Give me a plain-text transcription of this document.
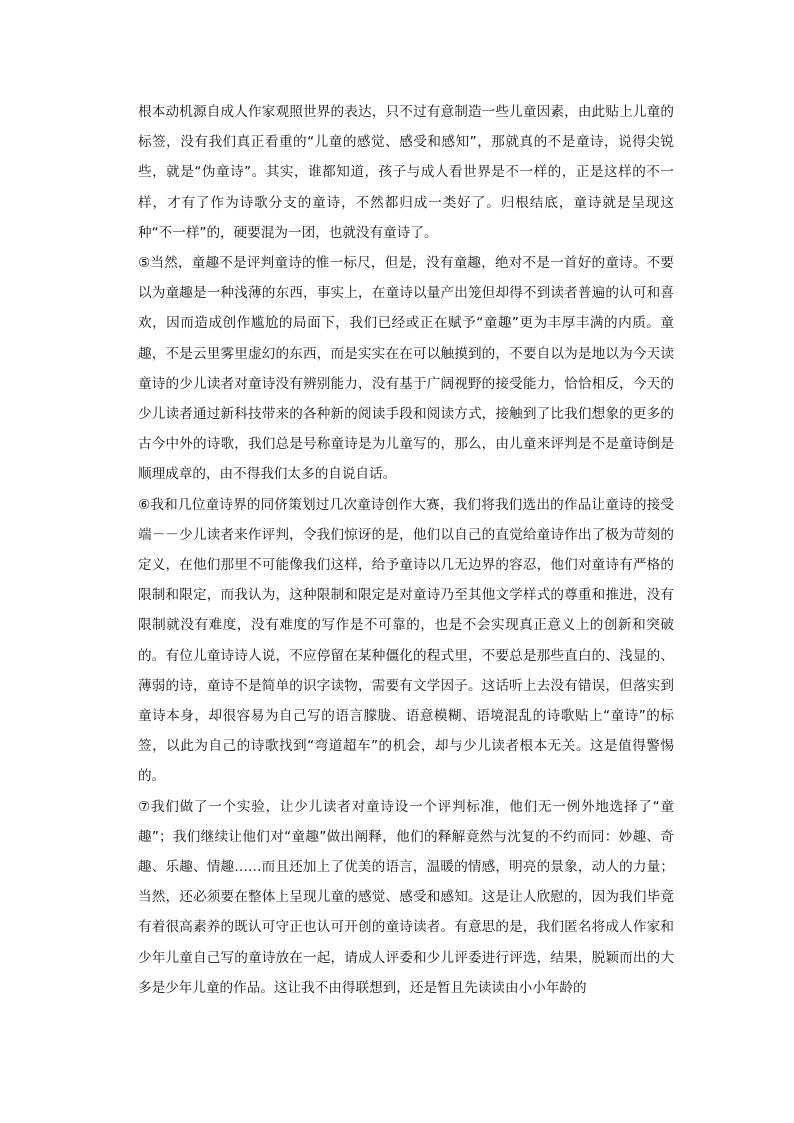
根本动机源自成人作家观照世界的表达，只不过有意制造一些儿童因素，由此贴上儿童的标签，没有我们真正看重的“儿童的感觉、感受和感知”，那就真的不是童诗，说得尖锐些，就是“伪童诗”。其实，谁都知道，孩子与成人看世界是不一样的，正是这样的不一样，才有了作为诗歌分支的童诗，不然都归成一类好了。归根结底，童诗就是呈现这种“不一样”的，硬要混为一团，也就没有童诗了。

⑤当然，童趣不是评判童诗的惟一标尺，但是，没有童趣，绝对不是一首好的童诗。不要以为童趣是一种浅薄的东西，事实上，在童诗以量产出笼但却得不到读者普遍的认可和喜欢，因而造成创作尴尬的局面下，我们已经或正在赋予“童趣”更为丰厚丰满的内质。童趣，不是云里雾里虚幻的东西，而是实实在在可以触摸到的，不要自以为是地以为今天读童诗的少儿读者对童诗没有辨别能力，没有基于广阔视野的接受能力，恰恰相反，今天的少儿读者通过新科技带来的各种新的阅读手段和阅读方式，接触到了比我们想象的更多的古今中外的诗歌，我们总是号称童诗是为儿童写的，那么，由儿童来评判是不是童诗倒是顺理成章的，由不得我们太多的自说自话。

⑥我和几位童诗界的同侪策划过几次童诗创作大赛，我们将我们选出的作品让童诗的接受端－－少儿读者来作评判，令我们惊讶的是，他们以自己的直觉给童诗作出了极为苛刻的定义，在他们那里不可能像我们这样，给予童诗以几无边界的容忍，他们对童诗有严格的限制和限定，而我认为，这种限制和限定是对童诗乃至其他文学样式的尊重和推进，没有限制就没有难度，没有难度的写作是不可靠的，也是不会实现真正意义上的创新和突破的。有位儿童诗诗人说，不应停留在某种僵化的程式里，不要总是那些直白的、浅显的、薄弱的诗，童诗不是简单的识字读物，需要有文学因子。这话听上去没有错误，但落实到童诗本身，却很容易为自己写的语言朦胧、语意模糊、语境混乱的诗歌贴上“童诗”的标签，以此为自己的诗歌找到“弯道超车”的机会，却与少儿读者根本无关。这是值得警惕的。

⑦我们做了一个实验，让少儿读者对童诗设一个评判标准，他们无一例外地选择了“童趣”；我们继续让他们对“童趣”做出阐释，他们的释解竟然与沈复的不约而同：妙趣、奇趣、乐趣、情趣……而且还加上了优美的语言，温暖的情感，明亮的景象，动人的力量；当然，还必须要在整体上呈现儿童的感觉、感受和感知。这是让人欣慰的，因为我们毕竟有着很高素养的既认可守正也认可开创的童诗读者。有意思的是，我们匿名将成人作家和少年儿童自己写的童诗放在一起，请成人评委和少儿评委进行评选，结果，脱颖而出的大多是少年儿童的作品。这让我不由得联想到，还是暂且先读读由小小年龄的
